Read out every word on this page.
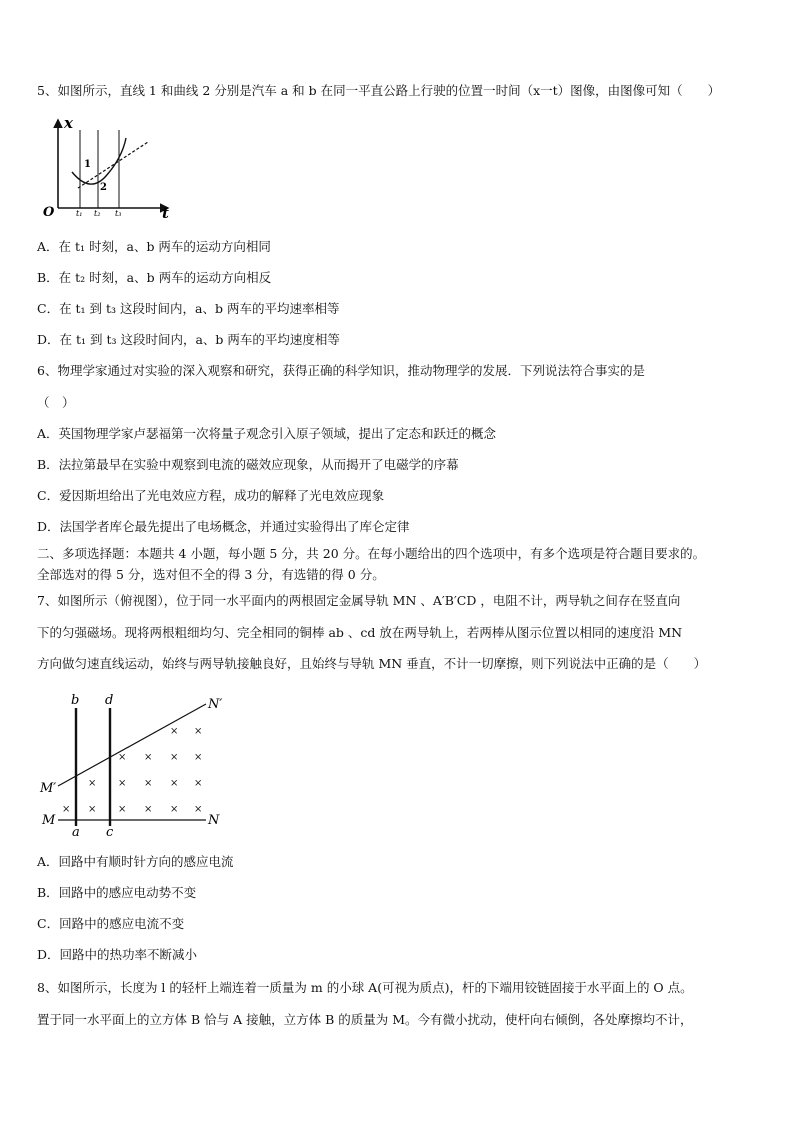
5、如图所示，直线 1 和曲线 2 分别是汽车 a 和 b 在同一平直公路上行驶的位置一时间（x一t）图像，由图像可知（　　）
x
t
O
1
2
t₁ t₂ t₃
A．在 t₁ 时刻，a、b 两车的运动方向相同
B．在 t₂ 时刻，a、b 两车的运动方向相反
C．在 t₁ 到 t₃ 这段时间内，a、b 两车的平均速率相等
D．在 t₁ 到 t₃ 这段时间内，a、b 两车的平均速度相等
6、物理学家通过对实验的深入观察和研究，获得正确的科学知识，推动物理学的发展．下列说法符合事实的是
（　）
A．英国物理学家卢瑟福第一次将量子观念引入原子领域，提出了定态和跃迁的概念
B．法拉第最早在实验中观察到电流的磁效应现象，从而揭开了电磁学的序幕
C．爱因斯坦给出了光电效应方程，成功的解释了光电效应现象
D．法国学者库仑最先提出了电场概念，并通过实验得出了库仑定律
二、多项选择题：本题共 4 小题，每小题 5 分，共 20 分。在每小题给出的四个选项中，有多个选项是符合题目要求的。
全部选对的得 5 分，选对但不全的得 3 分，有选错的得 0 分。
7、如图所示（俯视图），位于同一水平面内的两根固定金属导轨 MN 、A′B′CD ，电阻不计，两导轨之间存在竖直向
下的匀强磁场。现将两根粗细均匀、完全相同的铜棒 ab 、cd 放在两导轨上，若两棒从图示位置以相同的速度沿 MN
方向做匀速直线运动，始终与两导轨接触良好，且始终与导轨 MN 垂直，不计一切摩擦，则下列说法中正确的是（　　）
b d
a c
M
M′
N
N′
× ×
× × × ×
× × × × ×
× × × × × ×
A．回路中有顺时针方向的感应电流
B．回路中的感应电动势不变
C．回路中的感应电流不变
D．回路中的热功率不断减小
8、如图所示，长度为 l 的轻杆上端连着一质量为 m 的小球 A(可视为质点)，杆的下端用铰链固接于水平面上的 O 点。
置于同一水平面上的立方体 B 恰与 A 接触，立方体 B 的质量为 M。今有微小扰动，使杆向右倾倒，各处摩擦均不计，
